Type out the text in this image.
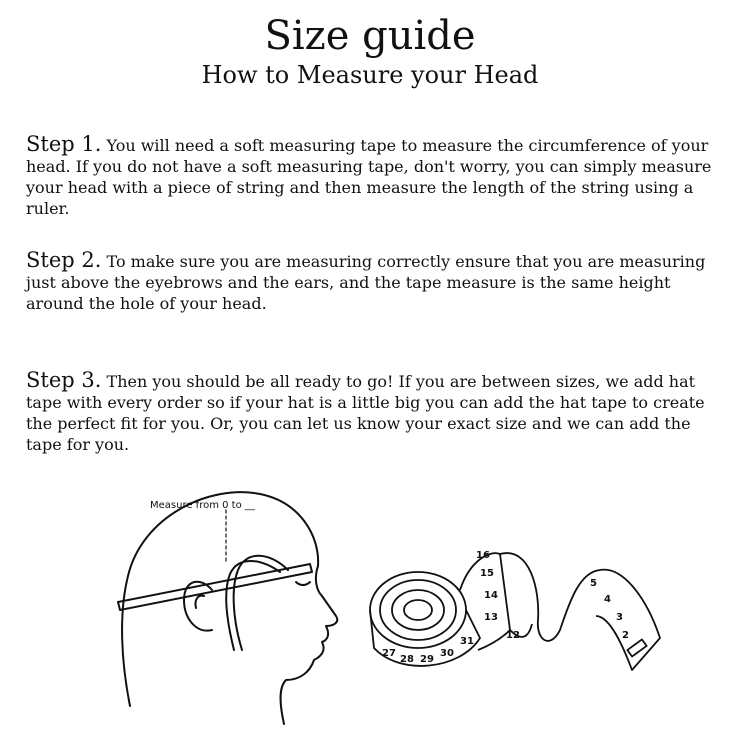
Size guide
How to Measure your Head

Step 1. You will need a soft measuring tape to measure the circumference of your head. If you do not have a soft measuring tape, don't worry, you can simply measure your head with a piece of string and then measure the length of the string using a ruler.

Step 2. To make sure you are measuring correctly ensure that you are measuring just above the eyebrows and the ears, and the tape measure is the same height around the hole of your head.

Step 3. Then you should be all ready to go! If you are between sizes, we add hat tape with every order so if your hat is a little big you can add the hat tape to create the perfect fit for you. Or, you can let us know your exact size and we can add the tape for you.

Measure from 0 to __
27
28 29
30
31
13
14
15
16
12
5
4
3
2
